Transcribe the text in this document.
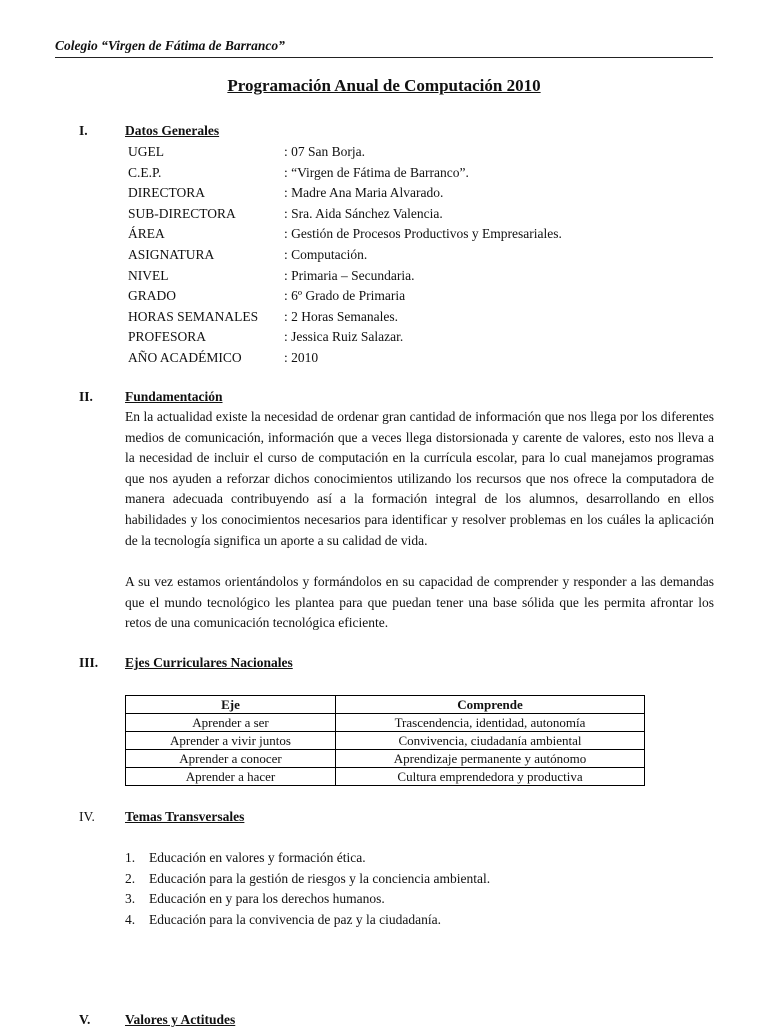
Colegio “Virgen de Fátima de Barranco”
Programación Anual de Computación 2010
I.	Datos Generales
UGEL	: 07 San Borja.
C.E.P.	: “Virgen de Fátima de Barranco”.
DIRECTORA	: Madre Ana Maria Alvarado.
SUB-DIRECTORA	: Sra. Aida Sánchez Valencia.
ÁREA	: Gestión de Procesos Productivos y Empresariales.
ASIGNATURA	: Computación.
NIVEL	: Primaria – Secundaria.
GRADO	: 6º Grado de Primaria
HORAS SEMANALES : 2 Horas Semanales.
PROFESORA	: Jessica Ruiz Salazar.
AÑO ACADÉMICO	: 2010
II. Fundamentación
En la actualidad existe la necesidad de ordenar gran cantidad de información que nos llega por los diferentes medios de comunicación, información que a veces llega distorsionada y carente de valores, esto nos lleva a la necesidad de incluir el curso de computación en la currícula escolar, para lo cual manejamos programas que nos ayuden a reforzar dichos conocimientos utilizando los recursos que nos ofrece la computadora de manera adecuada contribuyendo así a la formación integral de los alumnos, desarrollando en ellos habilidades y los conocimientos necesarios para identificar y resolver problemas en los cuáles la aplicación de la tecnología significa un aporte a su calidad de vida.
A su vez estamos orientándolos y formándolos en su capacidad de comprender y responder a las demandas que el mundo tecnológico les plantea para que puedan tener una base sólida que les permita afrontar los retos de una comunicación tecnológica eficiente.
III. Ejes Curriculares Nacionales
Eje	Comprende
Aprender a ser	Trascendencia, identidad, autonomía
Aprender a vivir juntos	Convivencia, ciudadanía ambiental
Aprender a conocer	Aprendizaje permanente y autónomo
Aprender a hacer	Cultura emprendedora y productiva
IV. Temas Transversales
1. Educación en valores y formación ética.
2. Educación para la gestión de riesgos y la conciencia ambiental.
3. Educación en y para los derechos humanos.
4. Educación para la convivencia de paz y la ciudadanía.
V.	Valores y Actitudes
